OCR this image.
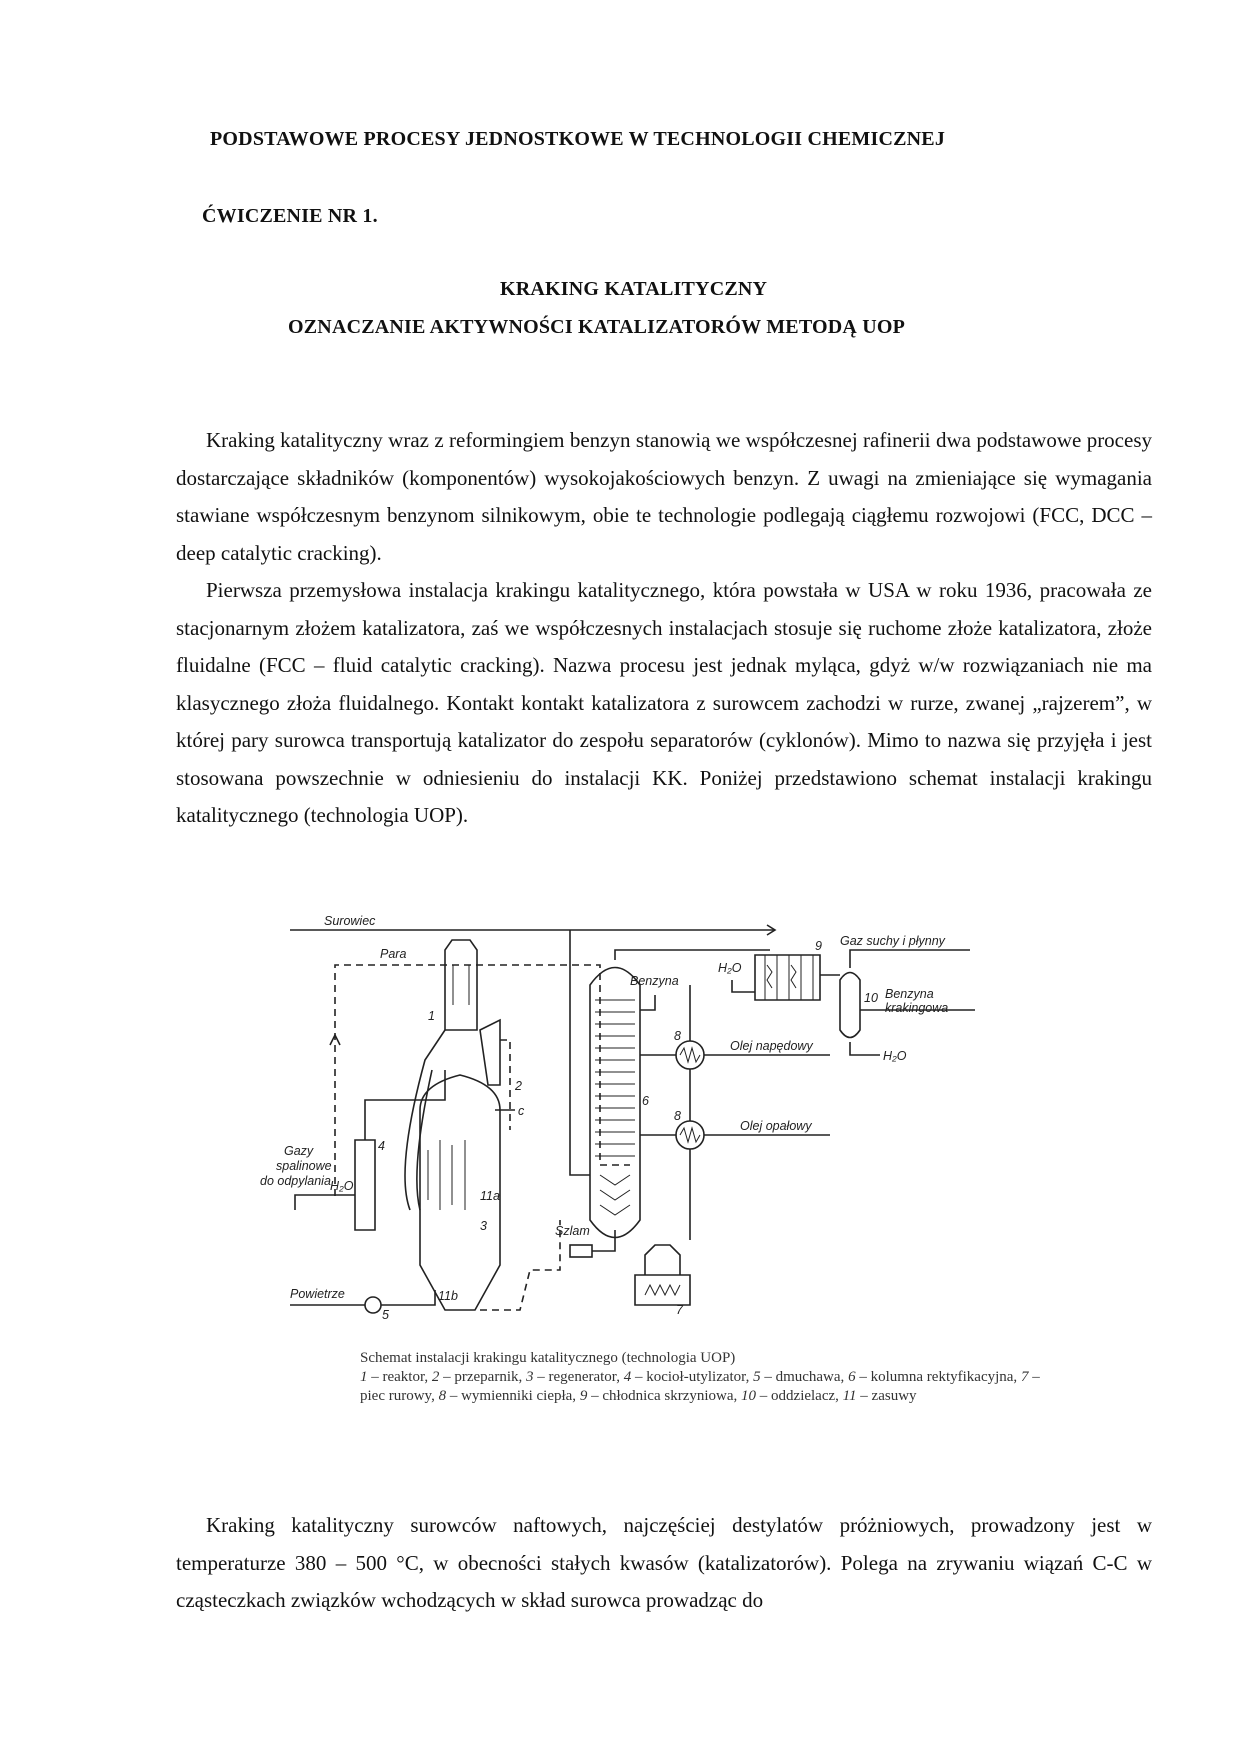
PODSTAWOWE PROCESY JEDNOSTKOWE W TECHNOLOGII CHEMICZNEJ
ĆWICZENIE NR 1.
KRAKING KATALITYCZNY
OZNACZANIE AKTYWNOŚCI KATALIZATORÓW METODĄ UOP
Kraking katalityczny wraz z reformingiem benzyn stanowią we współczesnej rafinerii dwa podstawowe procesy dostarczające składników (komponentów) wysokojakościowych benzyn. Z uwagi na zmieniające się wymagania stawiane współczesnym benzynom silnikowym, obie te technologie podlegają ciągłemu rozwojowi (FCC, DCC – deep catalytic cracking).
Pierwsza przemysłowa instalacja krakingu katalitycznego, która powstała w USA w roku 1936, pracowała ze stacjonarnym złożem katalizatora, zaś we współczesnych instalacjach stosuje się ruchome złoże katalizatora, złoże fluidalne (FCC – fluid catalytic cracking). Nazwa procesu jest jednak myląca, gdyż w/w rozwiązaniach nie ma klasycznego złoża fluidalnego. Kontakt kontakt katalizatora z surowcem zachodzi w rurze, zwanej „rajzerem”, w której pary surowca transportują katalizator do zespołu separatorów (cyklonów). Mimo to nazwa się przyjęła i jest stosowana powszechnie w odniesieniu do instalacji KK. Poniżej przedstawiono schemat instalacji krakingu katalitycznego (technologia UOP).
Surowiec
Para
1
2
c
3
11a
11b
4
Gazy
spalinowe
do odpylania H₂O
Powietrze
5
6
Benzyna
Szlam
8
Olej napędowy
8
Olej opałowy
7
9
H₂O
10
Gaz suchy i płynny
Benzyna
krakingowa
H₂O
Schemat instalacji krakingu katalitycznego (technologia UOP)
1 – reaktor, 2 – przeparnik, 3 – regenerator, 4 – kocioł-utylizator, 5 – dmuchawa, 6 – kolumna rektyfikacyjna, 7 – piec rurowy, 8 – wymienniki ciepła, 9 – chłodnica skrzyniowa, 10 – oddzielacz, 11 – zasuwy
Kraking katalityczny surowców naftowych, najczęściej destylatów próżniowych, prowadzony jest w temperaturze 380 – 500 °C, w obecności stałych kwasów (katalizatorów). Polega na zrywaniu wiązań C-C w cząsteczkach związków wchodzących w skład surowca prowadząc do
